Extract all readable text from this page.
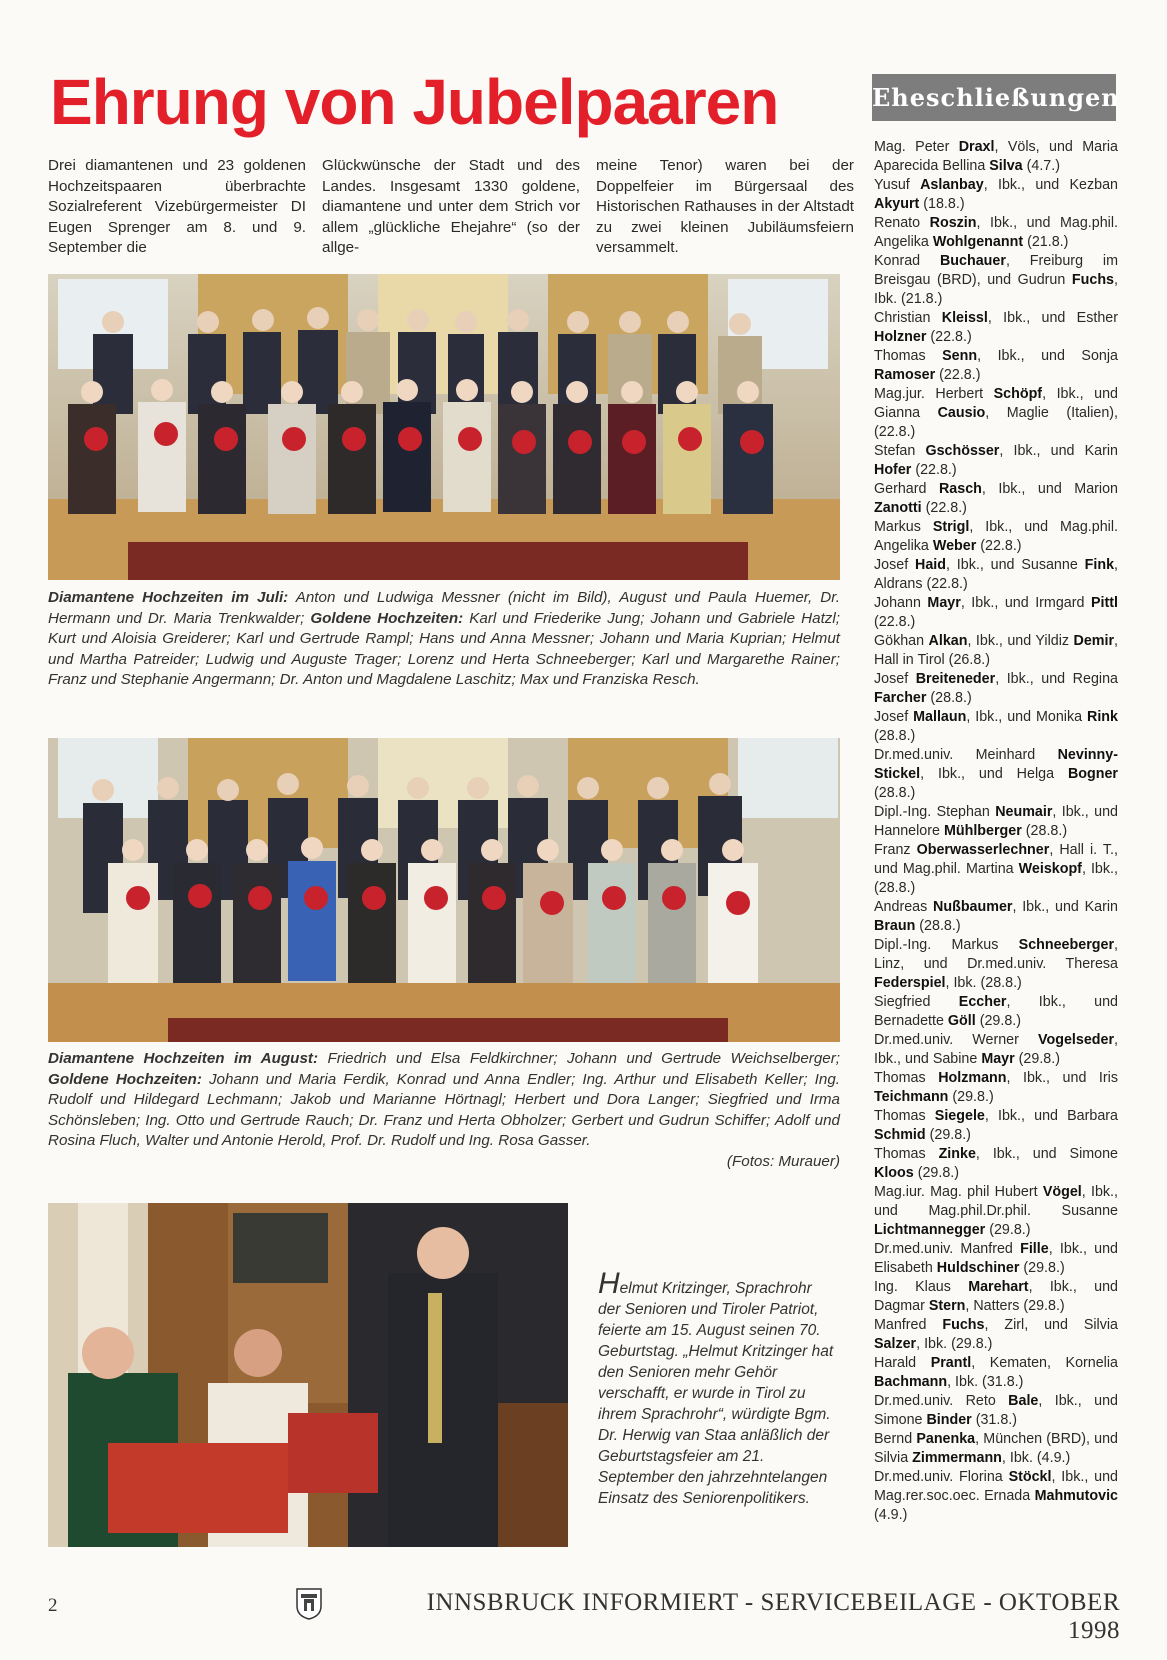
Ehrung von Jubelpaaren
Drei diamantenen und 23 goldenen Hochzeitspaaren überbrachte Sozialreferent Vizebürgermeister DI Eugen Sprenger am 8. und 9. September die
Glückwünsche der Stadt und des Landes. Insgesamt 1330 goldene, diamantene und unter dem Strich vor allem „glückliche Ehejahre“ (so der allge-
meine Tenor) waren bei der Doppelfeier im Bürgersaal des Historischen Rathauses in der Altstadt zu zwei kleinen Jubiläumsfeiern versammelt.

Diamantene Hochzeiten im Juli: Anton und Ludwiga Messner (nicht im Bild), August und Paula Huemer, Dr. Hermann und Dr. Maria Trenkwalder; Goldene Hochzeiten: Karl und Friederike Jung; Johann und Gabriele Hatzl; Kurt und Aloisia Greiderer; Karl und Gertrude Rampl; Hans und Anna Messner; Johann und Maria Kuprian; Helmut und Martha Patreider; Ludwig und Auguste Trager; Lorenz und Herta Schneeberger; Karl und Margarethe Rainer; Franz und Stephanie Angermann; Dr. Anton und Magdalene Laschitz; Max und Franziska Resch.

Diamantene Hochzeiten im August: Friedrich und Elsa Feldkirchner; Johann und Gertrude Weichselberger; Goldene Hochzeiten: Johann und Maria Ferdik, Konrad und Anna Endler; Ing. Arthur und Elisabeth Keller; Ing. Rudolf und Hildegard Lechmann; Jakob und Marianne Hörtnagl; Herbert und Dora Langer; Siegfried und Irma Schönsleben; Ing. Otto und Gertrude Rauch; Dr. Franz und Herta Obholzer; Gerbert und Gudrun Schiffer; Adolf und Rosina Fluch, Walter und Antonie Herold, Prof. Dr. Rudolf und Ing. Rosa Gasser.

(Fotos: Murauer)
Helmut Kritzinger, Sprachrohr der Senioren und Tiroler Patriot, feierte am 15. August seinen 70. Geburtstag. „Helmut Kritzinger hat den Senioren mehr Gehör verschafft, er wurde in Tirol zu ihrem Sprachrohr“, würdigte Bgm. Dr. Herwig van Staa anläßlich der Geburtstagsfeier am 21. September den jahrzehntelangen Einsatz des Seniorenpolitikers.
Eheschließungen
Mag. Peter Draxl, Völs, und Maria Aparecida Bellina Silva (4.7.)
Yusuf Aslanbay, Ibk., und Kezban Akyurt (18.8.)
Renato Roszin, Ibk., und Mag.phil. Angelika Wohlgenannt (21.8.)
Konrad Buchauer, Freiburg im Breisgau (BRD), und Gudrun Fuchs, Ibk. (21.8.)
Christian Kleissl, Ibk., und Esther Holzner (22.8.)
Thomas Senn, Ibk., und Sonja Ramoser (22.8.)
Mag.jur. Herbert Schöpf, Ibk., und Gianna Causio, Maglie (Italien), (22.8.)
Stefan Gschösser, Ibk., und Karin Hofer (22.8.)
Gerhard Rasch, Ibk., und Marion Zanotti (22.8.)
Markus Strigl, Ibk., und Mag.phil. Angelika Weber (22.8.)
Josef Haid, Ibk., und Susanne Fink, Aldrans (22.8.)
Johann Mayr, Ibk., und Irmgard Pittl (22.8.)
Gökhan Alkan, Ibk., und Yildiz Demir, Hall in Tirol (26.8.)
Josef Breiteneder, Ibk., und Regina Farcher (28.8.)
Josef Mallaun, Ibk., und Monika Rink (28.8.)
Dr.med.univ. Meinhard Nevinny-Stickel, Ibk., und Helga Bogner (28.8.)
Dipl.-Ing. Stephan Neumair, Ibk., und Hannelore Mühlberger (28.8.)
Franz Oberwasserlechner, Hall i. T., und Mag.phil. Martina Weiskopf, Ibk., (28.8.)
Andreas Nußbaumer, Ibk., und Karin Braun (28.8.)
Dipl.-Ing. Markus Schneeberger, Linz, und Dr.med.univ. Theresa Federspiel, Ibk. (28.8.)
Siegfried Eccher, Ibk., und Bernadette Göll (29.8.)
Dr.med.univ. Werner Vogelseder, Ibk., und Sabine Mayr (29.8.)
Thomas Holzmann, Ibk., und Iris Teichmann (29.8.)
Thomas Siegele, Ibk., und Barbara Schmid (29.8.)
Thomas Zinke, Ibk., und Simone Kloos (29.8.)
Mag.iur. Mag. phil Hubert Vögel, Ibk., und Mag.phil.Dr.phil. Susanne Lichtmannegger (29.8.)
Dr.med.univ. Manfred Fille, Ibk., und Elisabeth Huldschiner (29.8.)
Ing. Klaus Marehart, Ibk., und Dagmar Stern, Natters (29.8.)
Manfred Fuchs, Zirl, und Silvia Salzer, Ibk. (29.8.)
Harald Prantl, Kematen, Kornelia Bachmann, Ibk. (31.8.)
Dr.med.univ. Reto Bale, Ibk., und Simone Binder (31.8.)
Bernd Panenka, München (BRD), und Silvia Zimmermann, Ibk. (4.9.)
Dr.med.univ. Florina Stöckl, Ibk., und Mag.rer.soc.oec. Ernada Mahmutovic (4.9.)
2	INNSBRUCK INFORMIERT - SERVICEBEILAGE - OKTOBER 1998
